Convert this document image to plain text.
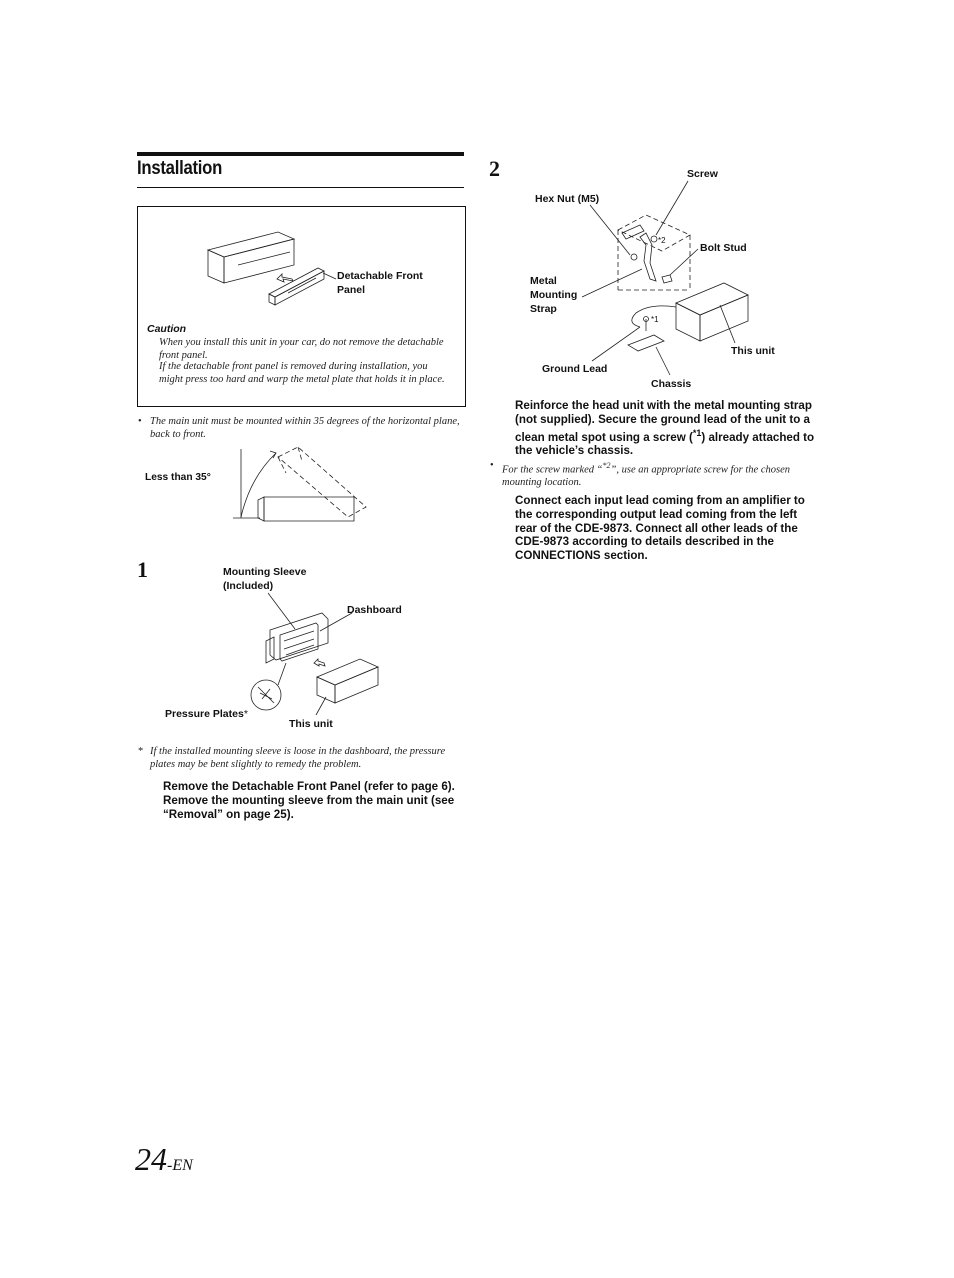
Installation
Detachable Front Panel
Caution
When you install this unit in your car, do not remove the detachable front panel.
If the detachable front panel is removed during installation, you might press too hard and warp the metal plate that holds it in place.
• The main unit must be mounted within 35 degrees of the horizontal plane, back to front.
Less than 35°
1	Mounting Sleeve (Included)
Dashboard
Pressure Plates*
This unit
* If the installed mounting sleeve is loose in the dashboard, the pressure plates may be bent slightly to remedy the problem.
Remove the Detachable Front Panel (refer to page 6). Remove the mounting sleeve from the main unit (see “Removal” on page 25).
2	Screw
Hex Nut (M5)
Bolt Stud
Metal Mounting Strap
This unit
Ground Lead
Chassis
*2
*1
Reinforce the head unit with the metal mounting strap (not supplied). Secure the ground lead of the unit to a clean metal spot using a screw ($^{*1}$) already attached to the vehicle’s chassis.
• For the screw marked “$^{*2}$”, use an appropriate screw for the chosen mounting location.
Connect each input lead coming from an amplifier to the corresponding output lead coming from the left rear of the CDE-9873. Connect all other leads of the CDE-9873 according to details described in the CONNECTIONS section.
24-EN
